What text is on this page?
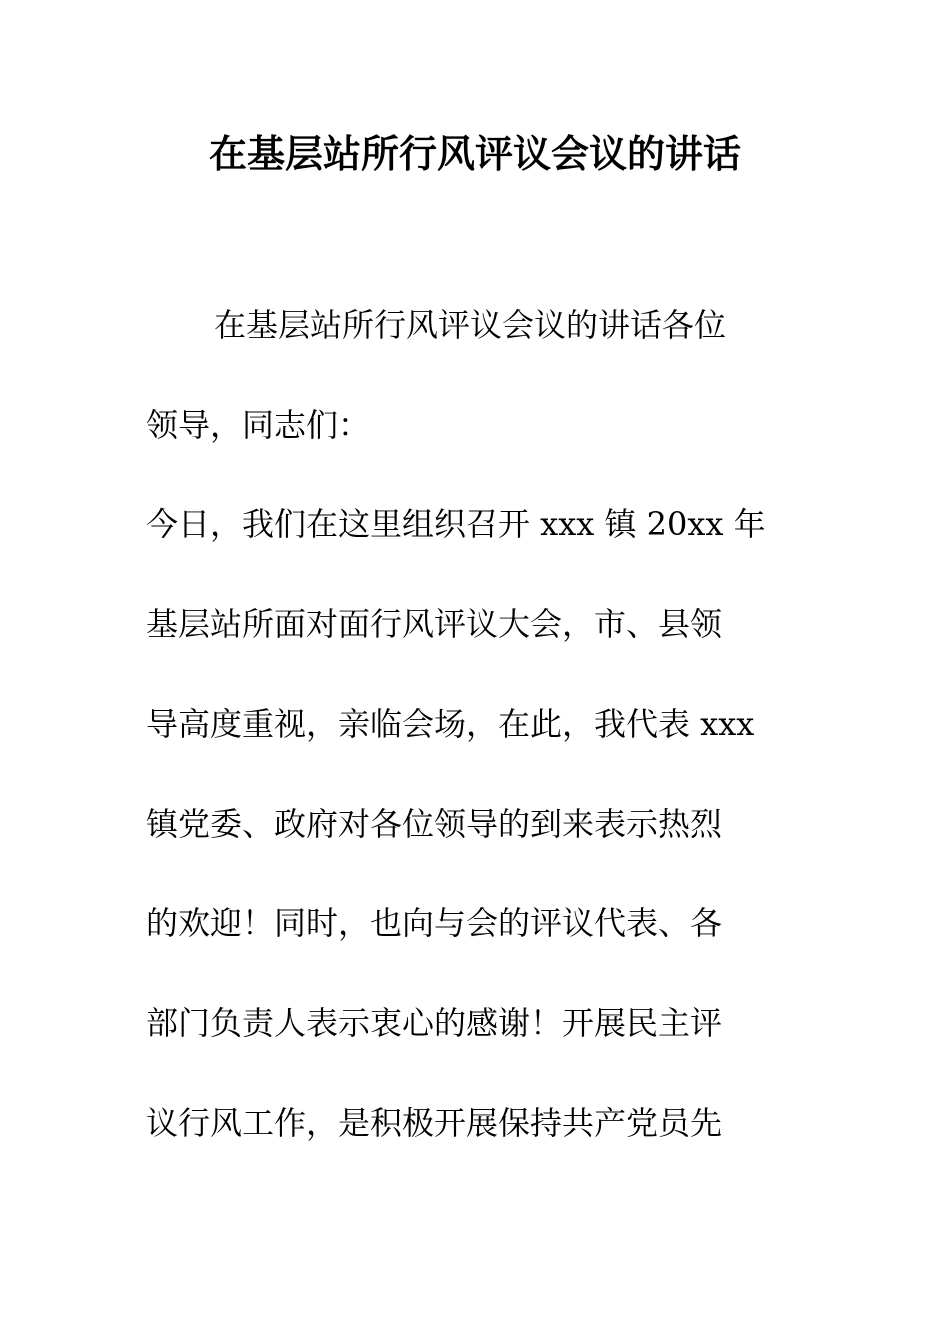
在基层站所行风评议会议的讲话
在基层站所行风评议会议的讲话各位
领导，同志们：
今日，我们在这里组织召开 xxx 镇 20xx 年
基层站所面对面行风评议大会，市、县领
导高度重视，亲临会场，在此，我代表 xxx
镇党委、政府对各位领导的到来表示热烈
的欢迎！同时，也向与会的评议代表、各
部门负责人表示衷心的感谢！开展民主评
议行风工作，是积极开展保持共产党员先
